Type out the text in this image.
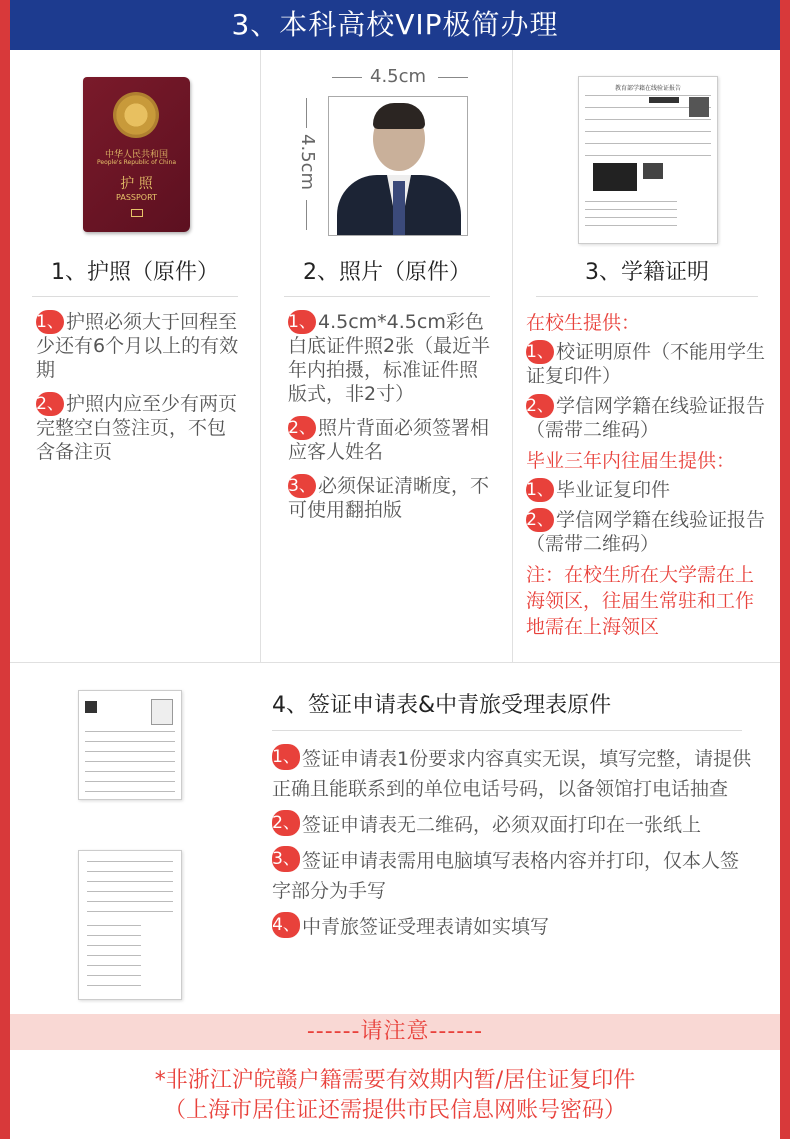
3、本科高校VIP极简办理
中华人民共和国
People's Republic of China
护 照
PASSPORT
1、护照（原件）
1、 护照必须大于回程至少还有6个月以上的有效期
2、 护照内应至少有两页完整空白签注页，不包含备注页
4.5cm
4.5cm
2、照片（原件）
1、 4.5cm*4.5cm彩色白底证件照2张（最近半年内拍摄，标准证件照版式，非2寸）
2、 照片背面必须签署相应客人姓名
3、 必须保证清晰度，不可使用翻拍版
教育部学籍在线验证报告
3、学籍证明
在校生提供：
1、 校证明原件（不能用学生证复印件）
2、 学信网学籍在线验证报告（需带二维码）
毕业三年内往届生提供：
1、 毕业证复印件
2、 学信网学籍在线验证报告（需带二维码）
注：在校生所在大学需在上海领区，往届生常驻和工作地需在上海领区
4、签证申请表&中青旅受理表原件
1、 签证申请表1份要求内容真实无误，填写完整，请提供正确且能联系到的单位电话号码，以备领馆打电话抽查
2、 签证申请表无二维码，必须双面打印在一张纸上
3、 签证申请表需用电脑填写表格内容并打印，仅本人签字部分为手写
4、 中青旅签证受理表请如实填写
------请注意------
*非浙江沪皖赣户籍需要有效期内暂/居住证复印件
（上海市居住证还需提供市民信息网账号密码）
